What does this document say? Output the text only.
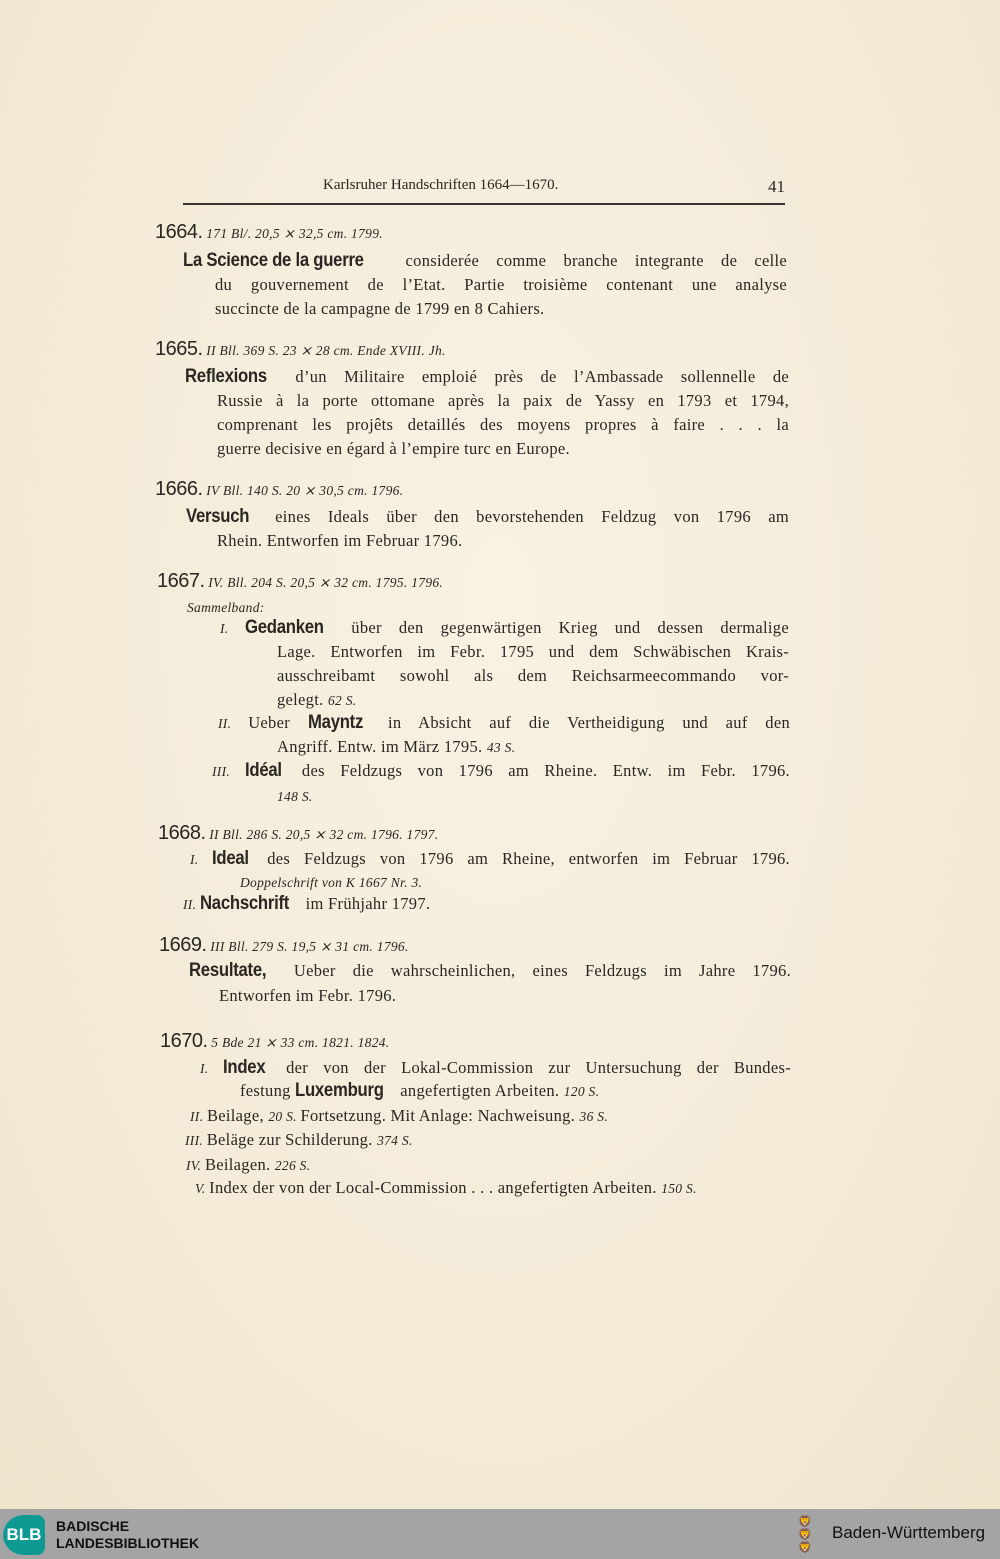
Karlsruher Handschriften 1664—1670.	41
1664. 171 Bl/. 20,5 ⨯ 32,5 cm. 1799.
La Science de la guerre considerée comme branche integrante de celle
du gouvernement de l’Etat. Partie troisième contenant une analyse
succincte de la campagne de 1799 en 8 Cahiers.
1665. II Bll. 369 S. 23 ⨯ 28 cm. Ende XVIII. Jh.
Reflexions d’un Militaire emploié près de l’Ambassade sollennelle de
Russie à la porte ottomane après la paix de Yassy en 1793 et 1794,
comprenant les projêts detaillés des moyens propres à faire . . . la
guerre decisive en égard à l’empire turc en Europe.
1666. IV Bll. 140 S. 20 ⨯ 30,5 cm. 1796.
Versuch eines Ideals über den bevorstehenden Feldzug von 1796 am
Rhein. Entworfen im Februar 1796.
1667. IV. Bll. 204 S. 20,5 ⨯ 32 cm. 1795. 1796.
Sammelband:
I. Gedanken über den gegenwärtigen Krieg und dessen dermalige
Lage. Entworfen im Febr. 1795 und dem Schwäbischen Krais-
ausschreibamt sowohl als dem Reichsarmeecommando vor-
gelegt. 62 S.
II. Ueber Mayntz in Absicht auf die Vertheidigung und auf den
Angriff. Entw. im März 1795. 43 S.
III. Idéal des Feldzugs von 1796 am Rheine. Entw. im Febr. 1796.
148 S.
1668. II Bll. 286 S. 20,5 ⨯ 32 cm. 1796. 1797.
I. Ideal des Feldzugs von 1796 am Rheine, entworfen im Februar 1796.
Doppelschrift von K 1667 Nr. 3.
II. Nachschrift im Frühjahr 1797.
1669. III Bll. 279 S. 19,5 ⨯ 31 cm. 1796.
Resultate, Ueber die wahrscheinlichen, eines Feldzugs im Jahre 1796.
Entworfen im Febr. 1796.
1670. 5 Bde 21 ⨯ 33 cm. 1821. 1824.
I. Index der von der Lokal-Commission zur Untersuchung der Bundes-
festung Luxemburg angefertigten Arbeiten. 120 S.
II. Beilage, 20 S. Fortsetzung. Mit Anlage: Nachweisung. 36 S.
III. Beläge zur Schilderung. 374 S.
IV. Beilagen. 226 S.
V. Index der von der Local-Commission . . . angefertigten Arbeiten. 150 S.
BLB BADISCHE
LANDESBIBLIOTHEK
🦁
🦁
🦁
Baden-Württemberg
